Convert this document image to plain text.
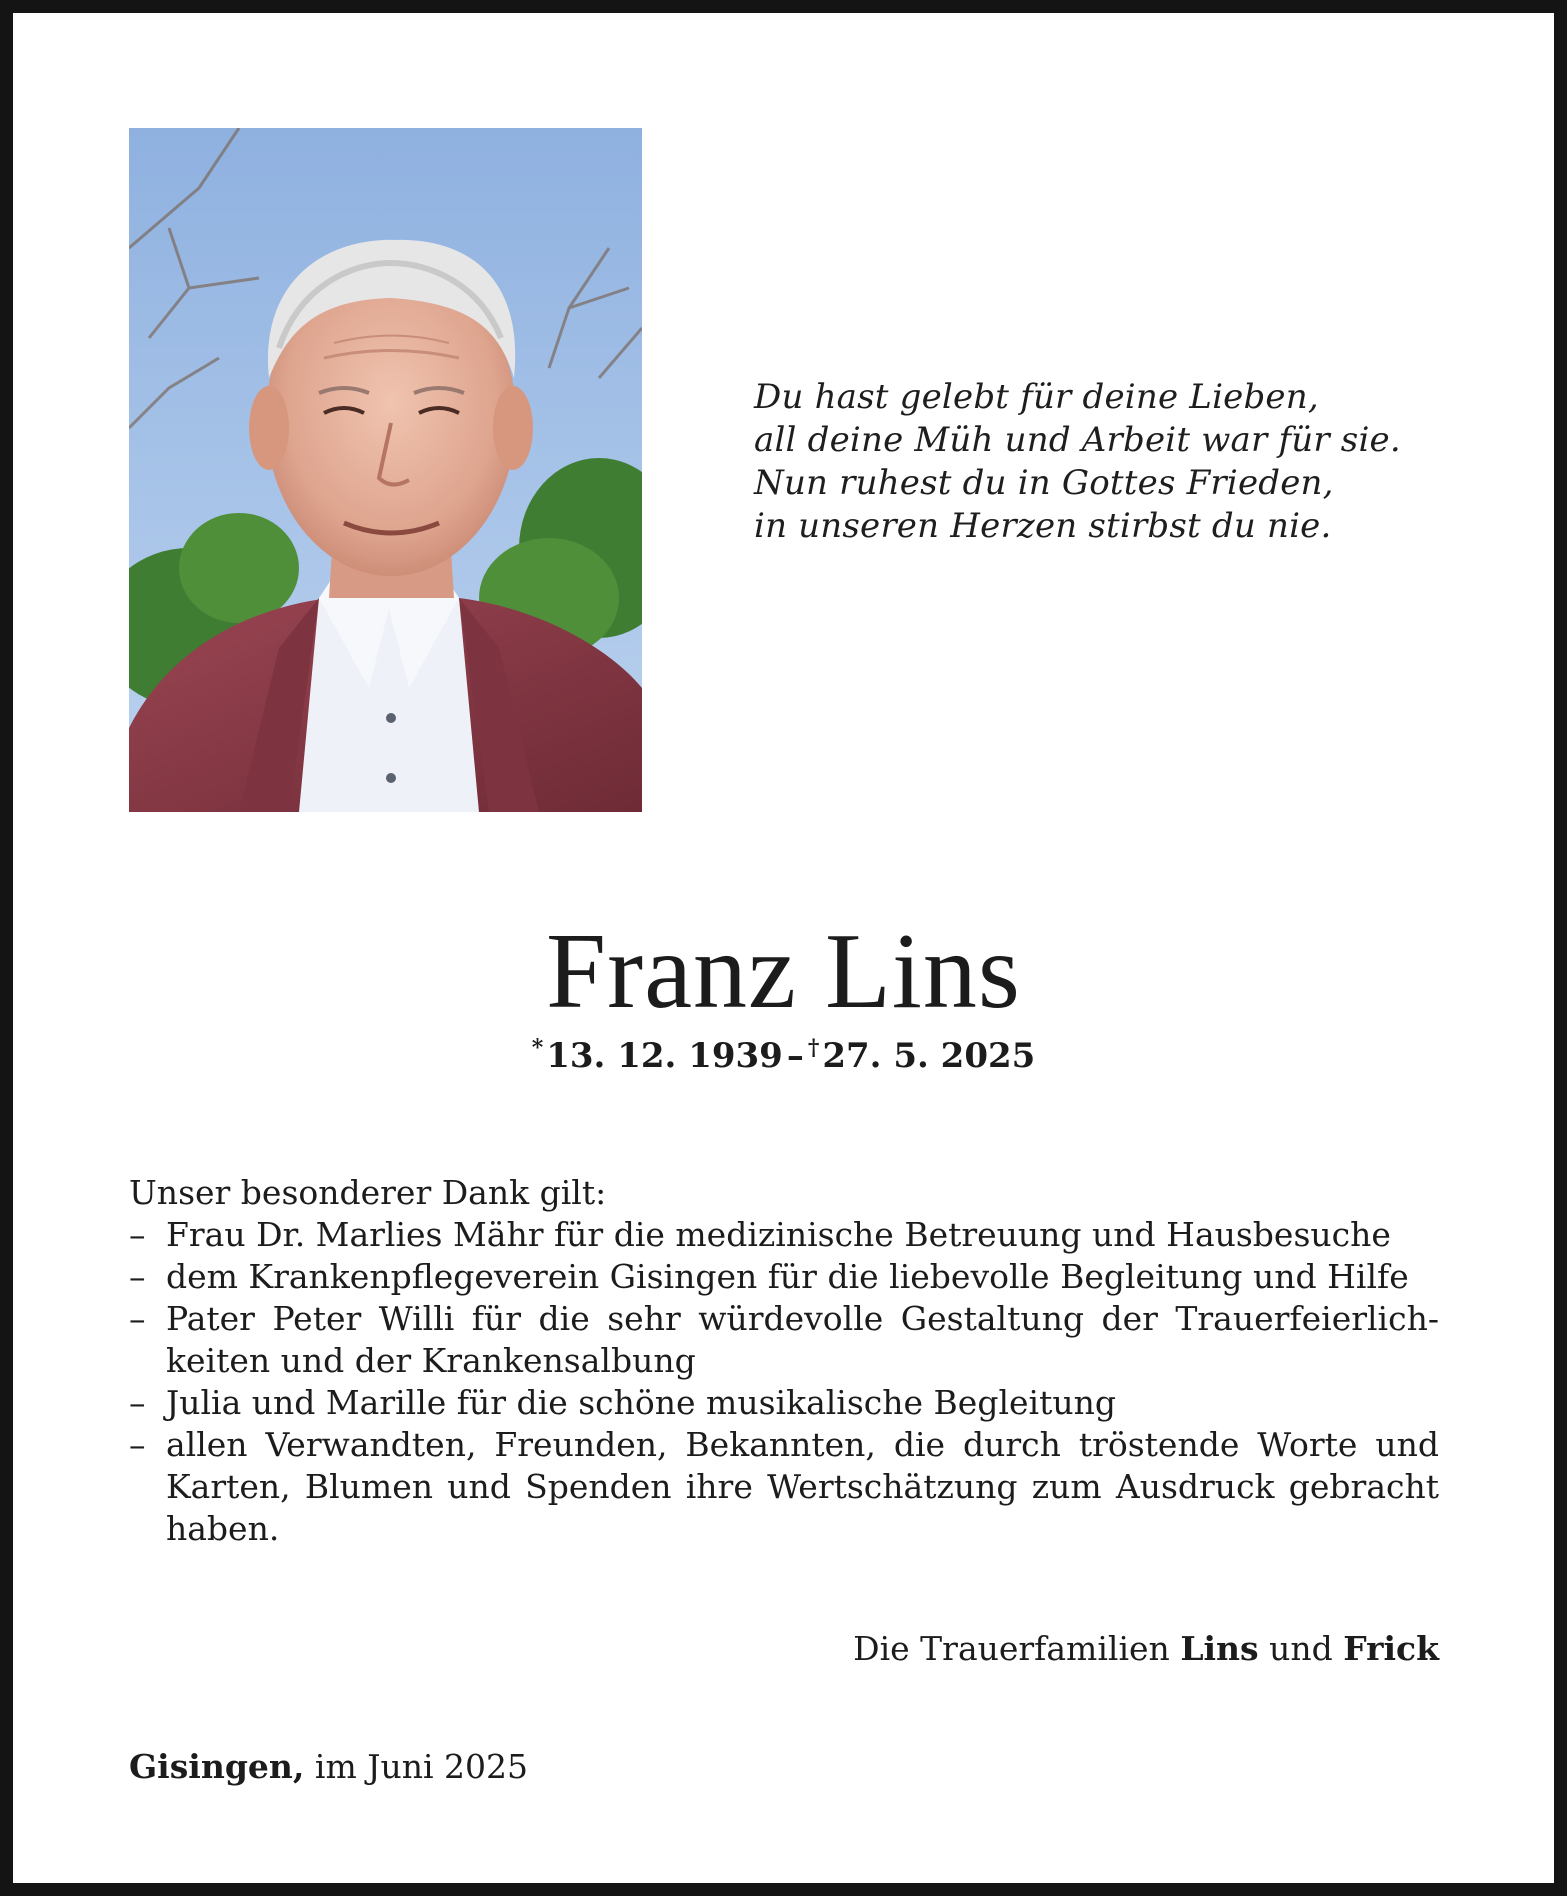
Du hast gelebt für deine Lieben,
all deine Müh und Arbeit war für sie.
Nun ruhest du in Gottes Frieden,
in unseren Herzen stirbst du nie.
Franz Lins
*13. 12. 1939 – †27. 5. 2025
Unser besonderer Dank gilt:
– Frau Dr. Marlies Mähr für die medizinische Betreuung und Hausbesuche
– dem Krankenpflegeverein Gisingen für die liebevolle Begleitung und Hilfe
– Pater Peter Willi für die sehr würdevolle Gestaltung der Trauerfeierlich-keiten und der Krankensalbung
– Julia und Marille für die schöne musikalische Begleitung
– allen Verwandten, Freunden, Bekannten, die durch tröstende Worte und Karten, Blumen und Spenden ihre Wertschätzung zum Ausdruck gebracht haben.
Die Trauerfamilien Lins und Frick
Gisingen, im Juni 2025
